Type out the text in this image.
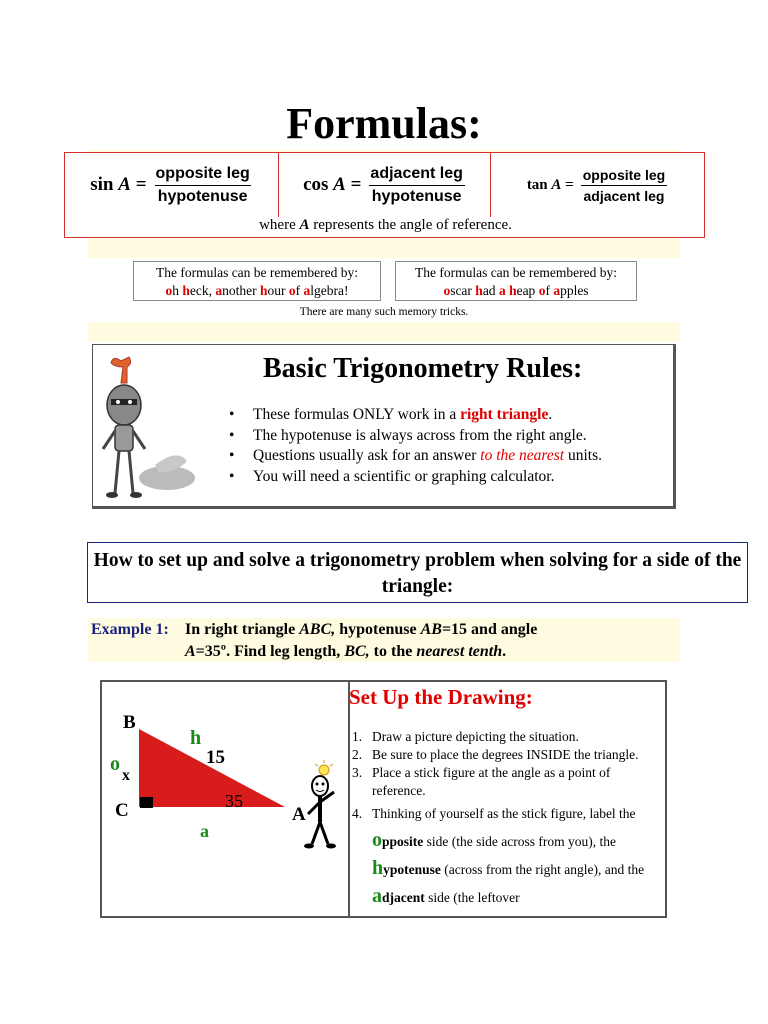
Formulas:
$\sin A = \frac{\text{opposite leg}}{\text{hypotenuse}}$	$\cos A = \frac{\text{adjacent leg}}{\text{hypotenuse}}$	$\tan A = \frac{\text{opposite leg}}{\text{adjacent leg}}$
where A represents the angle of reference.
The formulas can be remembered by:
oh heck, another hour of algebra!
The formulas can be remembered by:
oscar had a heap of apples
There are many such memory tricks.
Basic Trigonometry Rules:
• These formulas ONLY work in a right triangle.
• The hypotenuse is always across from the right angle.
• Questions usually ask for an answer to the nearest units.
• You will need a scientific or graphing calculator.
How to set up and solve a trigonometry problem when solving for a side of the triangle:
Example 1: In right triangle ABC, hypotenuse AB=15 and angle
A=35º. Find leg length, BC, to the nearest tenth.
B
C	A
h
15
o
x
a
35
Set Up the Drawing:
1. Draw a picture depicting the situation.
2. Be sure to place the degrees INSIDE the triangle.
3. Place a stick figure at the angle as a point of reference.
4. Thinking of yourself as the stick figure, label the opposite side (the side across from you), the hypotenuse (across from the right angle), and the adjacent side (the leftover
